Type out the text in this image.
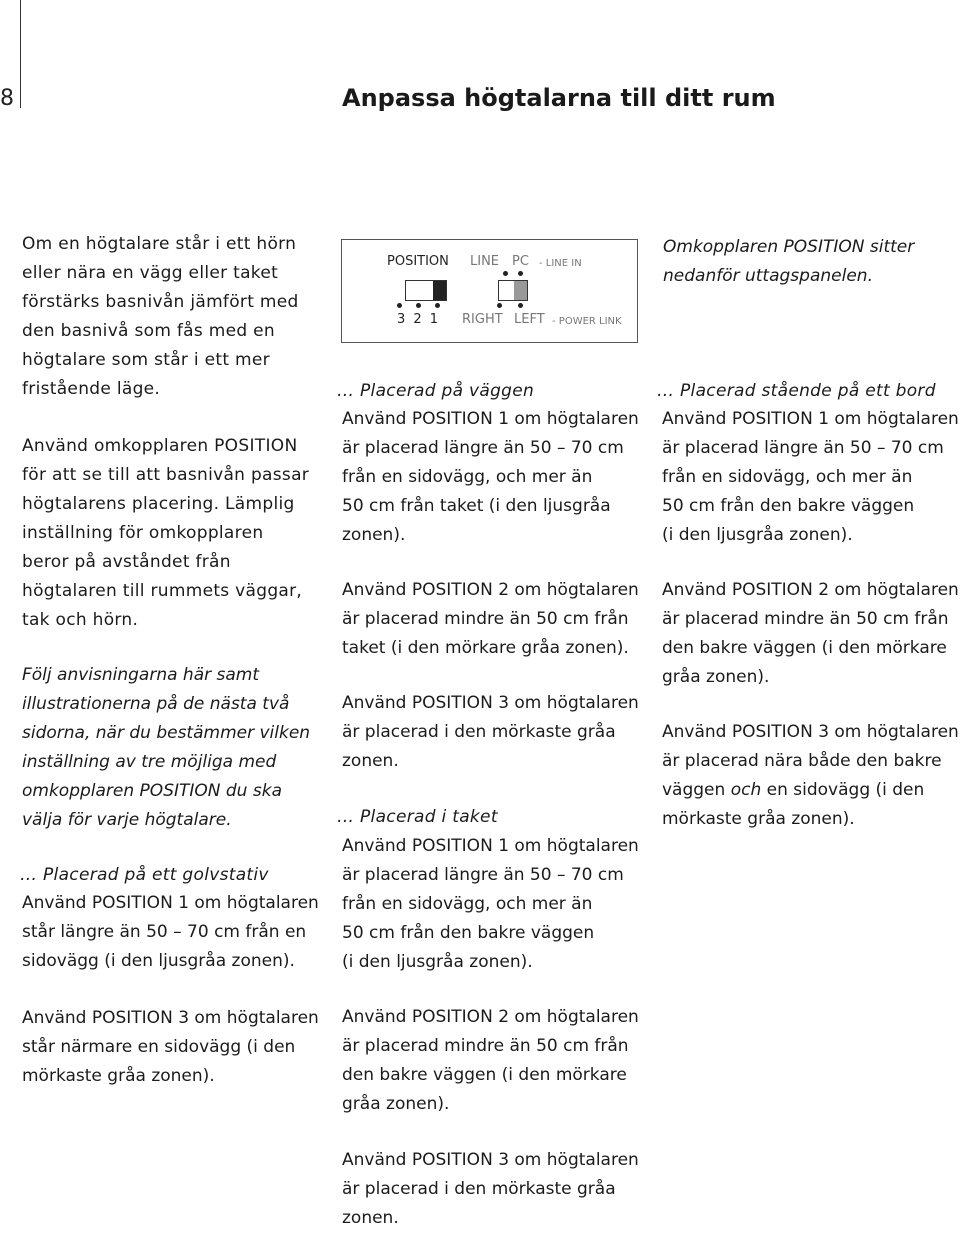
8	Anpassa högtalarna till ditt rum

Om en högtalare står i ett hörn
eller nära en vägg eller taket
förstärks basnivån jämfört med
den basnivå som fås med en
högtalare som står i ett mer
fristående läge.

Använd omkopplaren POSITION
för att se till att basnivån passar
högtalarens placering. Lämplig
inställning för omkopplaren
beror på avståndet från
högtalaren till rummets väggar,
tak och hörn.

Följ anvisningarna här samt
illustrationerna på de nästa två
sidorna, när du bestämmer vilken
inställning av tre möjliga med
omkopplaren POSITION du ska
välja för varje högtalare.

… Placerad på ett golvstativ

Använd POSITION 1 om högtalaren
står längre än 50 – 70 cm från en
sidovägg (i den ljusgråa zonen).

Använd POSITION 3 om högtalaren
står närmare en sidovägg (i den
mörkaste gråa zonen).

POSITION LINE PC - LINE IN
3 2 1 RIGHT LEFT - POWER LINK

… Placerad på väggen

Använd POSITION 1 om högtalaren
är placerad längre än 50 – 70 cm
från en sidovägg, och mer än
50 cm från taket (i den ljusgråa
zonen).

Använd POSITION 2 om högtalaren
är placerad mindre än 50 cm från
taket (i den mörkare gråa zonen).

Använd POSITION 3 om högtalaren
är placerad i den mörkaste gråa
zonen.

… Placerad i taket

Använd POSITION 1 om högtalaren
är placerad längre än 50 – 70 cm
från en sidovägg, och mer än
50 cm från den bakre väggen
(i den ljusgråa zonen).

Använd POSITION 2 om högtalaren
är placerad mindre än 50 cm från
den bakre väggen (i den mörkare
gråa zonen).

Använd POSITION 3 om högtalaren
är placerad i den mörkaste gråa
zonen.

Omkopplaren POSITION sitter
nedanför uttagspanelen.

… Placerad stående på ett bord

Använd POSITION 1 om högtalaren
är placerad längre än 50 – 70 cm
från en sidovägg, och mer än
50 cm från den bakre väggen
(i den ljusgråa zonen).

Använd POSITION 2 om högtalaren
är placerad mindre än 50 cm från
den bakre väggen (i den mörkare
gråa zonen).

Använd POSITION 3 om högtalaren
är placerad nära både den bakre
väggen och en sidovägg (i den
mörkaste gråa zonen).
